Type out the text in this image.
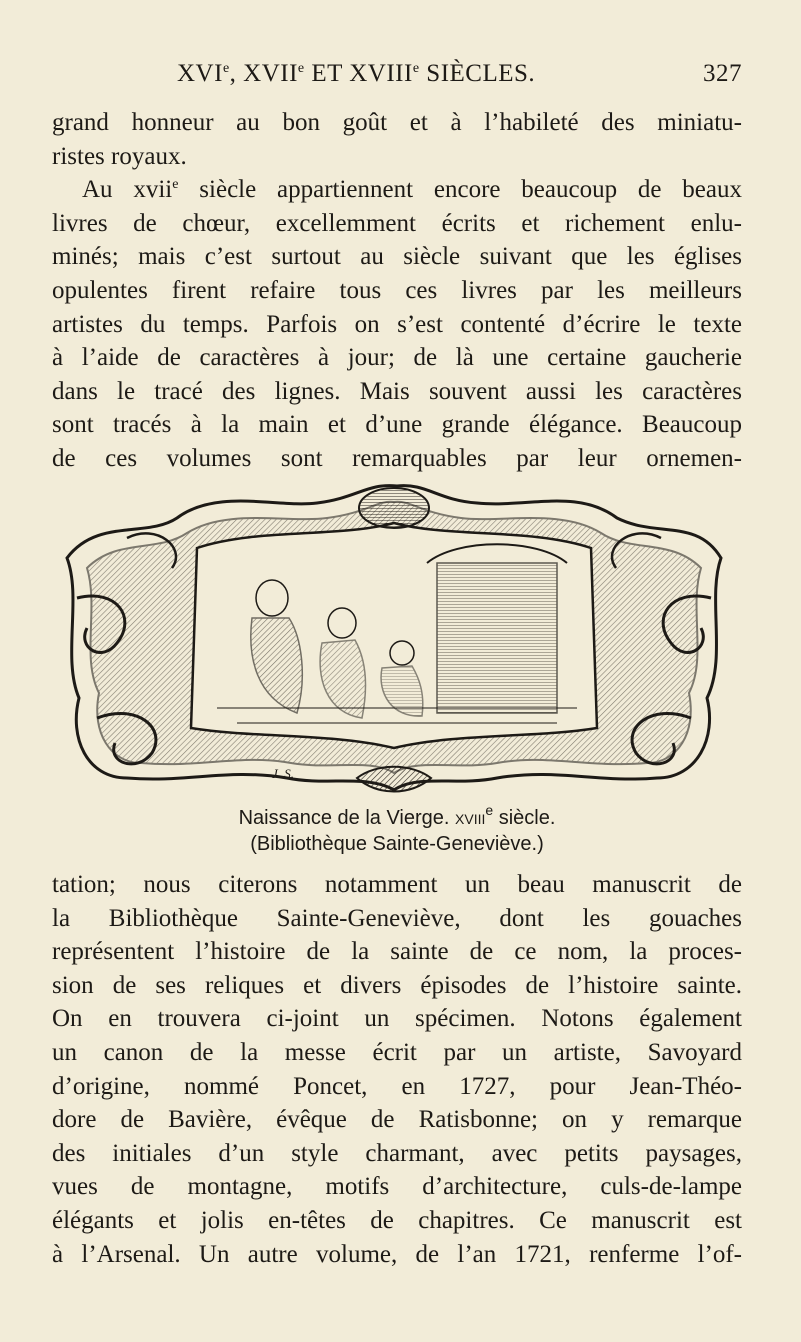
XVIe, XVIIe ET XVIIIe SIÈCLES.	327

grand honneur au bon goût et à l’habileté des miniatu-
ristes royaux.
Au xvii$^e$ siècle appartiennent encore beaucoup de beaux
livres de chœur, excellemment écrits et richement enlu-
minés; mais c’est surtout au siècle suivant que les églises
opulentes firent refaire tous ces livres par les meilleurs
artistes du temps. Parfois on s’est contenté d’écrire le texte
à l’aide de caractères à jour; de là une certaine gaucherie
dans le tracé des lignes. Mais souvent aussi les caractères
sont tracés à la main et d’une grande élégance. Beaucoup
de ces volumes sont remarquables par leur ornemen-

J. S.
Naissance de la Vierge. xviii$^e$ siècle.
(Bibliothèque Sainte-Geneviève.)

tation; nous citerons notamment un beau manuscrit de
la Bibliothèque Sainte-Geneviève, dont les gouaches
représentent l’histoire de la sainte de ce nom, la proces-
sion de ses reliques et divers épisodes de l’histoire sainte.
On en trouvera ci-joint un spécimen. Notons également
un canon de la messe écrit par un artiste, Savoyard
d’origine, nommé Poncet, en 1727, pour Jean-Théo-
dore de Bavière, évêque de Ratisbonne; on y remarque
des initiales d’un style charmant, avec petits paysages,
vues de montagne, motifs d’architecture, culs-de-lampe
élégants et jolis en-têtes de chapitres. Ce manuscrit est
à l’Arsenal. Un autre volume, de l’an 1721, renferme l’of-
